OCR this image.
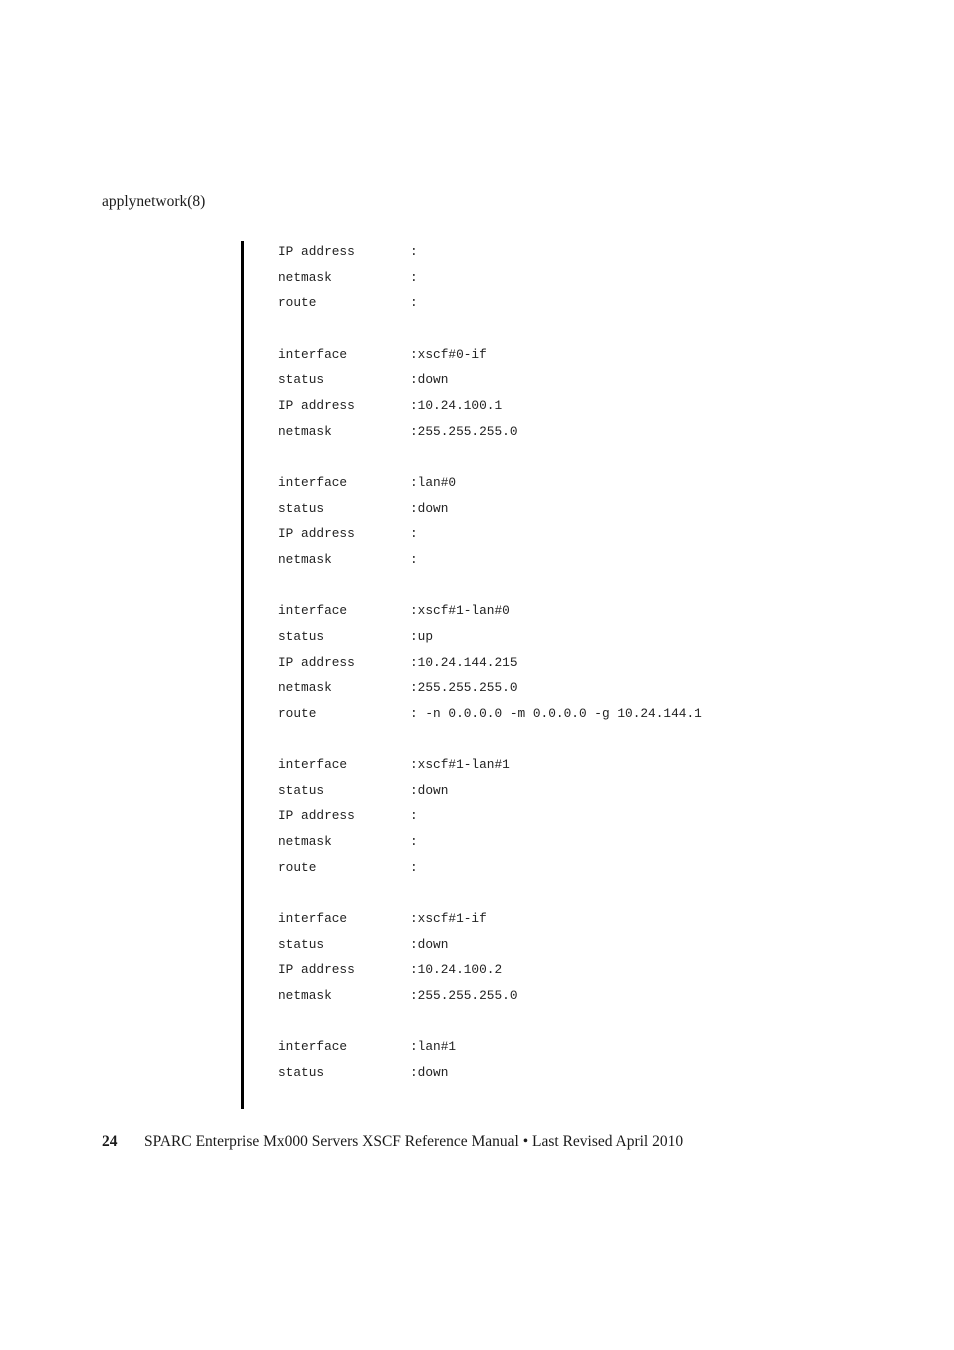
applynetwork(8)
IP address	:
netmask	:
route	:
interface	:xscf#0-if
status	:down
IP address	:10.24.100.1
netmask	:255.255.255.0
interface	:lan#0
status	:down
IP address	:
netmask	:
interface	:xscf#1-lan#0
status	:up
IP address	:10.24.144.215
netmask	:255.255.255.0
route	: -n 0.0.0.0 -m 0.0.0.0 -g 10.24.144.1
interface	:xscf#1-lan#1
status	:down
IP address	:
netmask	:
route	:
interface	:xscf#1-if
status	:down
IP address	:10.24.100.2
netmask	:255.255.255.0
interface	:lan#1
status	:down
24 SPARC Enterprise Mx000 Servers XSCF Reference Manual • Last Revised April 2010
